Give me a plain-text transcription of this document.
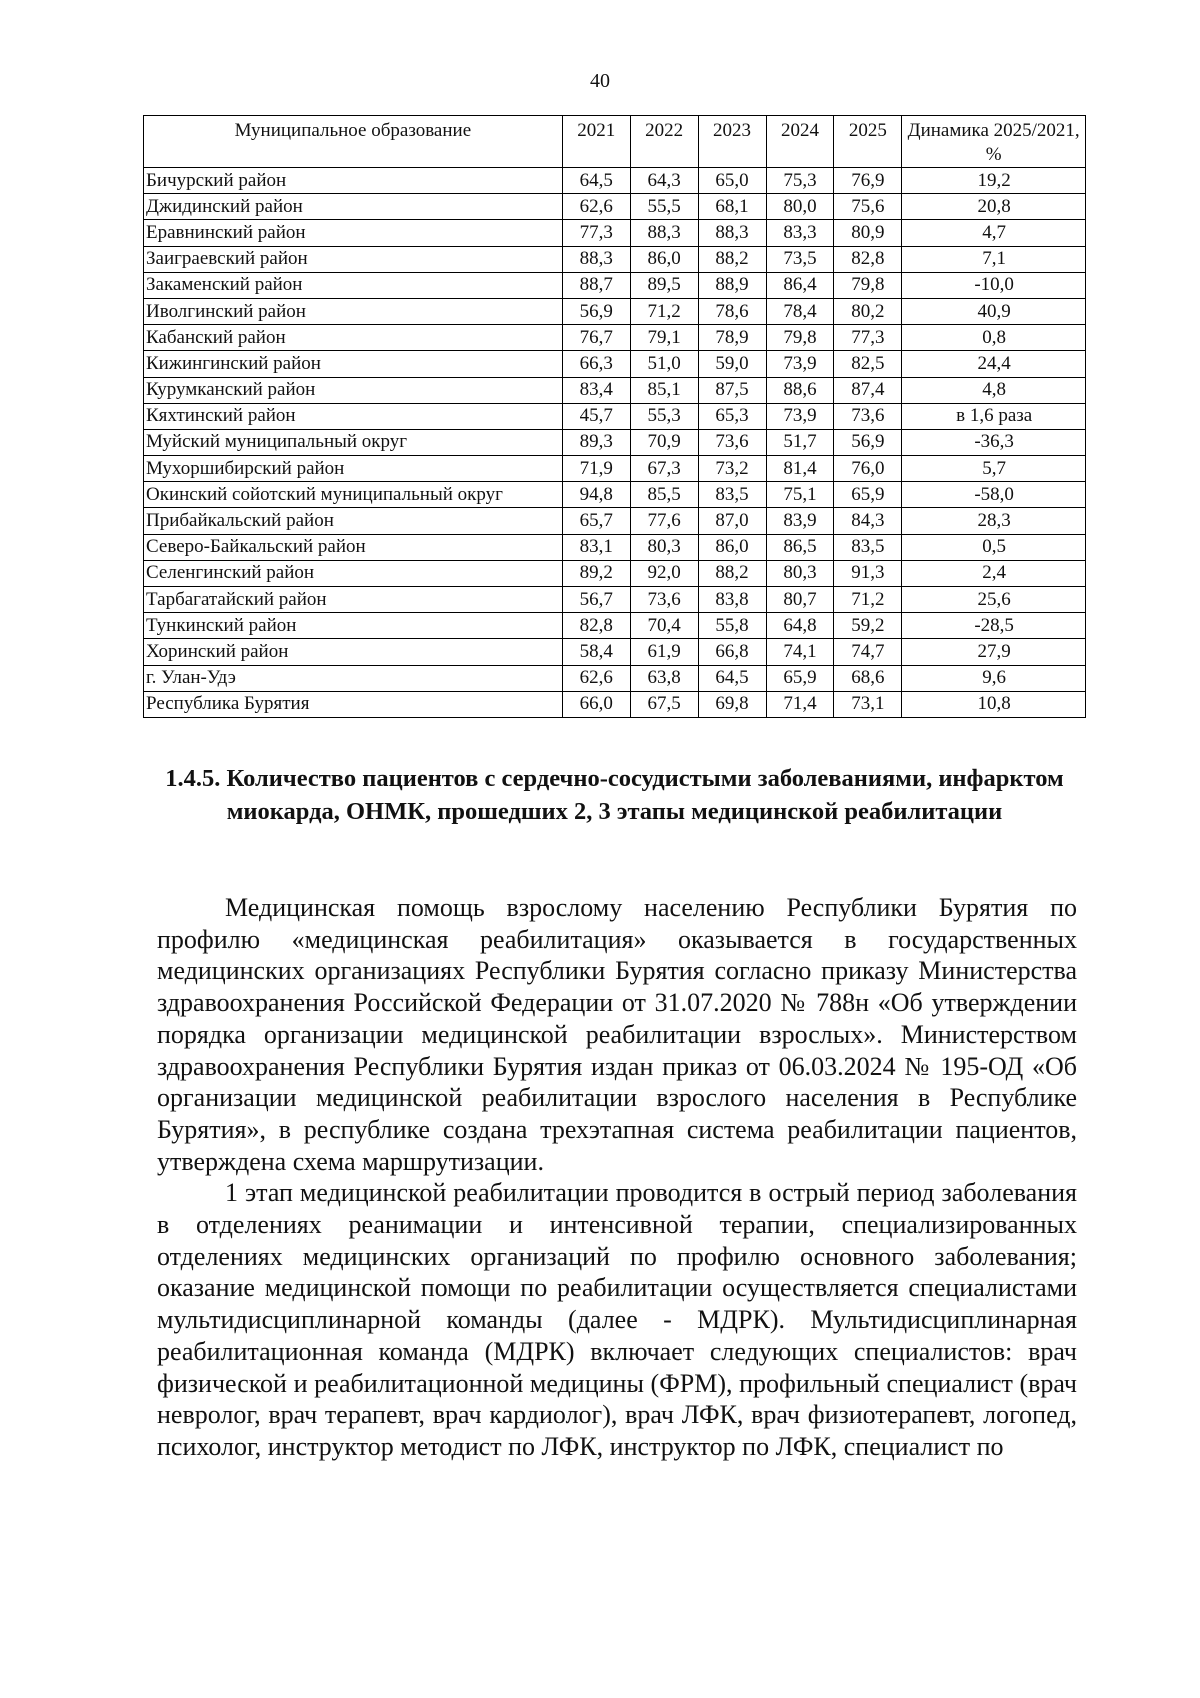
40
Муниципальное образование	2021	2022	2023	2024	2025	Динамика 2025/2021, %
Бичурский район	64,5	64,3	65,0	75,3	76,9	19,2
Джидинский район	62,6	55,5	68,1	80,0	75,6	20,8
Еравнинский район	77,3	88,3	88,3	83,3	80,9	4,7
Заиграевский район	88,3	86,0	88,2	73,5	82,8	7,1
Закаменский район	88,7	89,5	88,9	86,4	79,8	-10,0
Иволгинский район	56,9	71,2	78,6	78,4	80,2	40,9
Кабанский район	76,7	79,1	78,9	79,8	77,3	0,8
Кижингинский район	66,3	51,0	59,0	73,9	82,5	24,4
Курумканский район	83,4	85,1	87,5	88,6	87,4	4,8
Кяхтинский район	45,7	55,3	65,3	73,9	73,6	в 1,6 раза
Муйский муниципальный округ	89,3	70,9	73,6	51,7	56,9	-36,3
Мухоршибирский район	71,9	67,3	73,2	81,4	76,0	5,7
Окинский сойотский муниципальный округ	94,8	85,5	83,5	75,1	65,9	-58,0
Прибайкальский район	65,7	77,6	87,0	83,9	84,3	28,3
Северо-Байкальский район	83,1	80,3	86,0	86,5	83,5	0,5
Селенгинский район	89,2	92,0	88,2	80,3	91,3	2,4
Тарбагатайский район	56,7	73,6	83,8	80,7	71,2	25,6
Тункинский район	82,8	70,4	55,8	64,8	59,2	-28,5
Хоринский район	58,4	61,9	66,8	74,1	74,7	27,9
г. Улан-Удэ	62,6	63,8	64,5	65,9	68,6	9,6
Республика Бурятия	66,0	67,5	69,8	71,4	73,1	10,8
1.4.5. Количество пациентов с сердечно-сосудистыми заболеваниями, инфарктом миокарда, ОНМК, прошедших 2, 3 этапы медицинской реабилитации

Медицинская помощь взрослому населению Республики Бурятия по профилю «медицинская реабилитация» оказывается в государственных медицинских организациях Республики Бурятия согласно приказу Министерства здравоохранения Российской Федерации от 31.07.2020 № 788н «Об утверждении порядка организации медицинской реабилитации взрослых». Министерством здравоохранения Республики Бурятия издан приказ от 06.03.2024 № 195-ОД «Об организации медицинской реабилитации взрослого населения в Республике Бурятия», в республике создана трехэтапная система реабилитации пациентов, утверждена схема маршрутизации.

1 этап медицинской реабилитации проводится в острый период заболевания в отделениях реанимации и интенсивной терапии, специализированных отделениях медицинских организаций по профилю основного заболевания; оказание медицинской помощи по реабилитации осуществляется специалистами мультидисциплинарной команды (далее - МДРК). Мультидисциплинарная реабилитационная команда (МДРК) включает следующих специалистов: врач физической и реабилитационной медицины (ФРМ), профильный специалист (врач невролог, врач терапевт, врач кардиолог), врач ЛФК, врач физиотерапевт, логопед, психолог, инструктор методист по ЛФК, инструктор по ЛФК, специалист по
